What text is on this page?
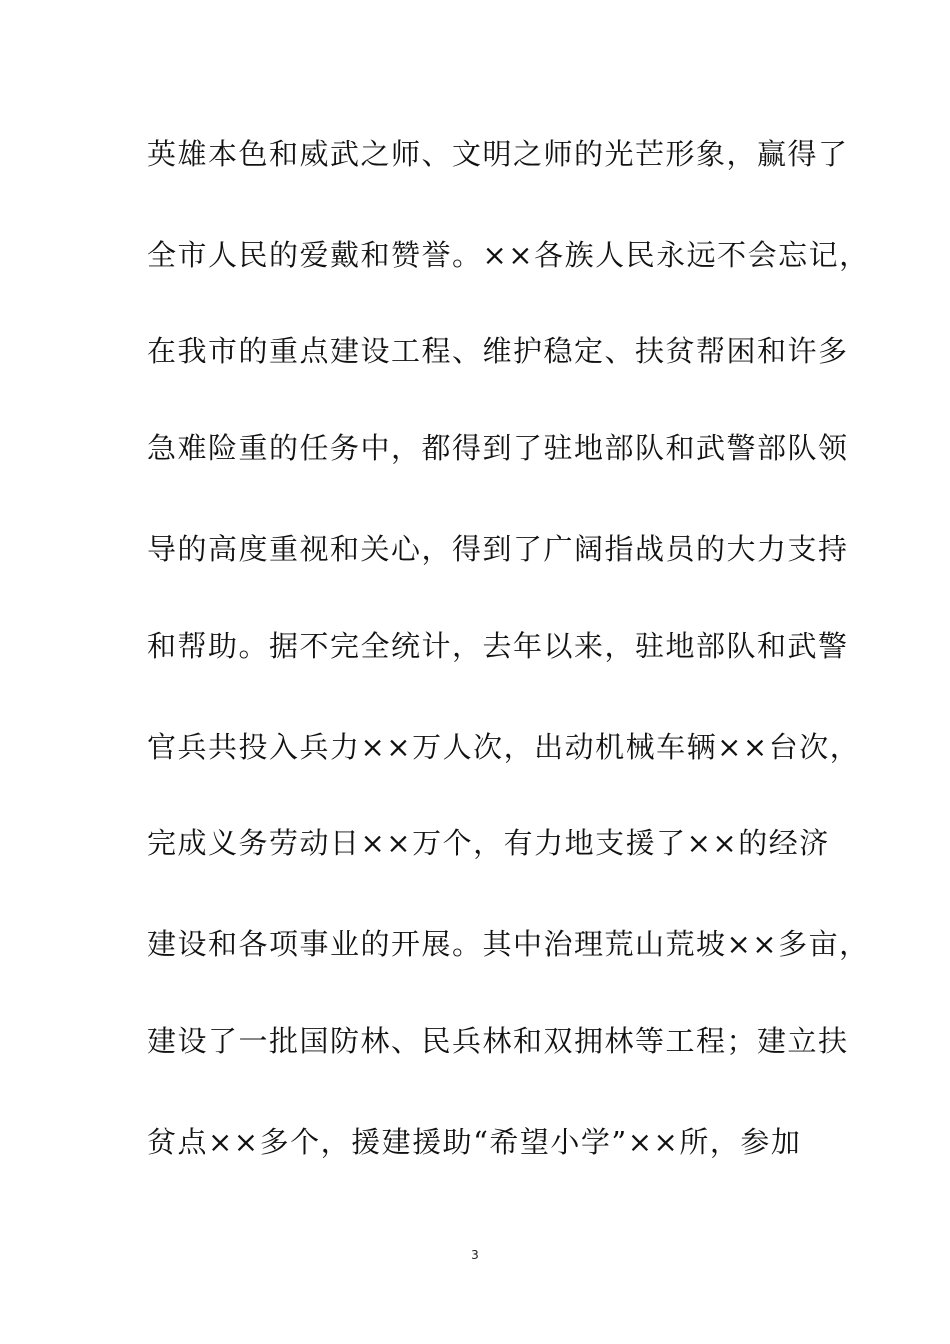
英雄本色和威武之师、文明之师的光芒形象，赢得了
全市人民的爱戴和赞誉。××各族人民永远不会忘记，
在我市的重点建设工程、维护稳定、扶贫帮困和许多
急难险重的任务中，都得到了驻地部队和武警部队领
导的高度重视和关心，得到了广阔指战员的大力支持
和帮助。据不完全统计，去年以来，驻地部队和武警
官兵共投入兵力××万人次，出动机械车辆××台次，
完成义务劳动日××万个，有力地支援了××的经济
建设和各项事业的开展。其中治理荒山荒坡××多亩，
建设了一批国防林、民兵林和双拥林等工程；建立扶
贫点××多个，援建援助“希望小学”××所，参加
3
